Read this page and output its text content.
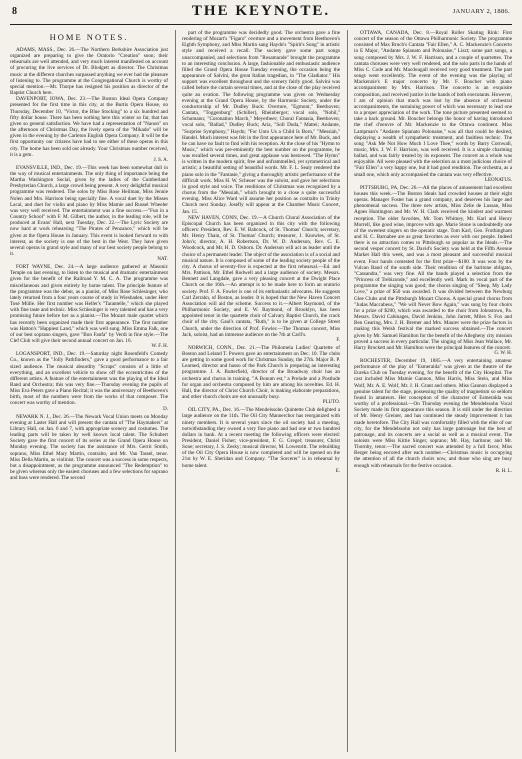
8	THE KEYNOTE.	JANUARY 2, 1886.
HOME NOTES.

ADAMS, MASS., Dec. 26.—The Northern Berkshire Association just organized are preparing to give the Oratorio "Creation" soon; their rehearsals are well attended, and very much interest manifested on account of procuring the live services of Dr. Blodgett as director. The Christmas music at the different churches surpassed anything we ever had the pleasure of listening to. The programme at the Congregational Church is worthy of special mention.—Mr. Thorpe has resigned his position as director of the Baptist Church here.

DAVENPORT, IOWA, Dec. 23.—The Boston Ideal Opera Company presented for the first time in this city, at the Burtis Opera House, on Thursday, December 10, "Victor, the Blue Stocking" to a six hundred and fifty dollar house. There has been nothing here this winter so far, that has given so general satisfaction. We have had a representation of "Nanon" on the afternoon of Christmas Day, the lively opera of the "Mikado" will be given in the evening by the Carleton English Opera Company. It will be the first opportunity our citizens have had to see either of these operas in this city. The home has been sold out already. Your Christmas number received, it is a gem.

J. S. A.

EVANSVILLE, IND., Dec. 19.—This week has been somewhat dull in the way of musical entertainments. The only thing of importance being the Martha Washington Social, given by the ladies of the Cumberland Presbyterian Church, a large crowd being present. A very delightful musical programme was rendered. The solos by Miss Rose Heilman, Miss Jennie Nolen and Mrs. Harrison being specially fine. A vocal duet by the Misses Lacal, and duet for violin and piano by Miss Mamie and Russel Wheeler was very well received. The entertainment was a fine success.—"Fun in a Country School" with F. M. Gilbert, the author, in the leading role, will be produced at Evans' Hall, next Tuesday, Dec. 22.—The Lyric Society are now hard at work rehearsing "The Pirates of Penzance," which will be given at the Opera House in January. This event is looked forward to with interest, as the society is one of the best in the West. They have given several operas in grand style and many of our best society people belong to it.

NAT.

FORT WAYNE, Dec. 24.—A large audience gathered at Masonic Temple on last evening, to listen to the musical and dramatic entertainment given for the benefit of the Railroad Y. M. C. A. The programme was miscellaneous and given entirely by home talent. The principle feature of the programme was the debut, as a pianist, of Miss Rose Schlesinger, who lately returned from a four years course of study in Wiesbaden, under Herr Tosé Mülle. Her first number was Heller's "Tarantelle," which she played with fine taste and technic. Miss Schlesinger is very talented and has a very promising future before her as a pianist.—The Mozart male quartet which has recently been organized made their first appearance. The first number was Hatton's "Happiest Land," which was well sung. Miss Emma Falk, one of our best soprano singers, gave "Bon Fanfa" by Verdi in fine style.—The Clef Club will give their second annual concert on Jan. 16.

W. F. H.

LOGANSPORT, IND., Dec. 19.—Saturday night Rosenfeld's Comedy Co., known as the "Jolly Pathfinders," gave a good performance to a fair sized audience. The musical absurdity "Scraps" consists of a little of everything, and an excellent vehicle to show off the eccentricities of the different artists. A feature of the entertainment was the playing of the Ideal Band and Orchestra; this was very fine.—Thursday evening the pupils of Miss Eva Peters gave a Piano Recital; it was the anniversary of Beethoven's birth, most of the numbers were from the works of that composer. The concert was worthy of mention.

D.

NEWARK N. J., Dec. 26.—The Newark Vocal Union meets on Monday evening at Laster Hall and will present the cantata of "The Haymakers" at Library Hall, on Jan. 6 and 7, with appropriate scenery and costumes. The leading parts will be taken by well known local talent. The Schubert Society gave the first concert of its series at the Grand Opera House on Monday evening. The society has the assistance of Mrs. Gerrit Smith, soprano, Miss Ethel Mary Martin, contralto, and Mr. Van Tassel, tenor. Miss Della Martin, as violinist. The concert was a success in some respects, but a disappointment, as the programme announced "The Redemption" to be given whereas only the easiest choruses and a few selections for soprano and bass were rendered. The second

part of the programme was decidedly good. The orchestra gave a fine rendering of Mozart's "Figaro" overture and a movement from Beethoven's Eighth Symphony, and Miss Martin sang Haydn's "Spirit's Song" in artistic style and received a recall. The society gave some part songs unaccompanied, and selections from "Rosamunde" brought the programme to an interesting conclusion. A large, fashionable and enthusiastic audience filled the Grand Opera House Tuesday evening, the occasion being the appearance of Salvini, the great Italian tragedian, in "The Gladiator." His support was excellent throughout and the scenery fairly good. Salvini was called before the curtain several times, and at the close of the play received quite an ovation. The following programme was given on Wednesday evening at the Grand Opera House, by the Harmonic Society, under the conductorship of Mr. Dudley Buck: Overture, "Egmont," Beethoven; Cantata, "Toggenburg" (Schiller), Rheinberger; vocal solo, "Nobil," Schumann; "Coronation March," Meyerbeer; Choral Fantasia, Beethoven; vocal solo, "Ballad," Dudley Buck; Aria, "Soll Duda," Mattei; Andante, "Surprise Symphony," Haydn; "For Unto Us a Child Is Born," "Messiah," Handel. Much interest was felt in the first appearance here of Mr. Buck, and he can have no fault to find with his reception. At the close of his "Hymn to Music," which was pre-eminently the best number on the programme, he was recalled several times, and great applause was bestowed. "The Hymn" is written in the modern spirit, free and unframmelled, yet symmetrical and artistic; a beautiful setting of beautiful words. Mr. F. L. Sealy rendered the piano solo in the "Fantasie," giving a thoroughly artistic performance of the difficult work. Miss H. W. Scheuer was the soloist, and gave her selections in good style and voice. The renditions of Christmas was recognized by a chorus from the "Messiah," which brought to a close a quite successful evening. Miss Alice Ward will assume her position as contralto in Trinity Church next Sunday. Josefly will appear at the Chamber Music Concert, Jan. 15.

NEW HAVEN, CONN, Dec. 19.—A Church Choral Association of the Episcopal Church has been organized in this city with the following officers: President, Rev. E. W. Babcock, of St. Thomas' Church; secretary, Mr. Henry Thain, of St. Thomas' Church; treasurer, J. Knowles, of St. John's; director, A. H. Robertson, Dr. W. D. Anderson, Rev. C. E. Woodcock, and Mr. H. D. Osborn. Dr. Anderson will act as leader until the choice of a permanent leader. The object of the association is of a social and musical nature. It is composed of some of the leading society people of the city. A chorus of seventy-five is expected at the first rehearsal.—Ed. and Mrs. Pattison, Mr. Ethel Rodwell and a large audience of society. Messrs. Bennett and Langdale, gave a very pleasing concert at the Dwight Place Church on the 16th.—An attempt is to be made here to form an oratorio society. Prof. F. A. Fowler is one of its enthusiastic advocates. He suggests Carl Zerrahn, of Boston, as leader. It is hoped that the New Haven Concert Association will aid the scheme. Success to it.—Albert Raymond, of the Philharmonic Society, and E. W. Raymond, of Brooklyn, has been appointed tenor in the quartette choir of Calvary Baptist Church, the crack choir of the city. Gaul's cantata, "Ruth," is to be given at College Street Church, under the direction of Prof. Fowler.—The Thomas concert, Miss Jack, soloist, had an immense audience on the 7th at Carll's.

F.

NORWICH, CONN., Dec. 21.—The Philomela Ladies' Quartette of Boston and Leland T. Powers gave an entertainment on Dec. 10. The clubs are getting in some good work for Christmas Sunday, the 27th. Major B. P. Learned, director and basso of the Park Church is preparing an interesting programme. J. A. Butterfield, director of the Broadway choir has an orchestra and chorus in training. "A Bonum est," a Prelude and a Postlude for organ and orchestra composed by him are among his novelties. Ed. H. Hall, the director of Christ Church Choir, is making elaborate preparations, and other church choirs are not unusually busy.

PLUTO.

OIL CITY, PA., Dec. 16.—The Mendelssohn Quintette Club delighted a large audience on the 11th. The Oil City Mannerchor has reorganized with ninety members. It is several years since the oil society had a meeting, notwithstanding they owned a very fine piano and had one or two hundred dollars in bank. At a recent meeting the following officers were elected: President, Daniel Fisher; vice-president, F. G. Gregel; treasurer, Christ Sone; secretary, J. S. Zesky; musical director, M. Lowenritt. The rebuilding of the Oil City Opera House is now completed and will be opened on the 21st by W. E. Sheridan and Company. "The Sorcerer" is in rehearsal by home talent.

E.

OTTAWA, CANADA, Dec. 8.—Royal Roller Skating Rink: First concert of the season of the Ottawa Philharmonic Society. The programme consisted of Max Bruch's Cantata "Fair Ellen," A. C. Mackenzie's Concerto in E Major, "Andante Spianato and Polonaise," Liszt; some part songs, a song composed by Mrs. J. W. F. Harrison, and a couple of quartettes. The cantata choruses were very well rendered, and the solo parts in the hands of Miss C. Code and Mr. Macdougall received very good treatment. The part songs went excellently. The event of the evening was the playing of Mackenzie's E major concerto by Mr. F. Boucher with piano accompaniment by Mrs. Harrison. The concerto is an exquisite composition, and received justice in the hands of both executants. However, I am of opinion that much was lost by the absence of orchestral accompaniments, the sustaining power of which was necessary to lead one to a proper appreciation of the work. The tone picture presented seemed to take a back ground. Mr. Boucher belongs the honor of having introduced the chef d'oeuvre of Mr. Mackenzie to the Ottawa continent. Miss Lampman's "Andante Spianato Polonaise," was all that could be desired, displaying a wealth of sympathetic treatment, and faultless technic. The song "Ask Me Not How Much I Love Thee," words by Barry Cornwall, music, Mrs. J. W. F. Harrison, was well received. It is a simple charming ballad, and was fairly treated by its exponent. The concert as a whole was enjoyable. All were pleased with the selection as a most judicious choice of "Fair Ellen" a very happy one, but it had good rendition. The orchestra, as a small one, which only accompanied the cantata was very effective.

LEONATUS.

PITTSBURG, PA, Dec. 26.—All the places of amusement had excellent houses this week.—The Boston Ideals had crowded houses at their eight operas. Manager Foster has a grand company, and deserves his large and phenomenal success. The three new artists, Miss Zelie de Lussan, Miss Agnes Huntington and Mr. W. H. Clark received the kindest and warmest reception. The older favorites, Mr. Tom Whitney, Mr. Karl and Henry Morrell, like good wine, improve with age. Marie Stone is undoubtedly one of the sweetest singers on the operatic stage. Tom Karl, Geo. Frothingham and H. C. Barnabee are as great favorites as ever with our people. Indeed there is no attraction comes to Pittsburgh so popular as the Ideals.—The second vesper concert by St. David's Society was held at the Fifth Avenue Market Hall this week, and was a most pleasant and successful musical event. Four bands contested for the first prize—$100. It was won by the Vulcan Band of the south side. Their rendition of the baritone obligato, "Cassandra," was very fine. All the bands played a selection from the "Princess of Trebizonde," and excellently well. Mark its vocal part of the programme the singing was good; the chorus singing of "Sleep, My Lady Love," a prize of $50 was awarded. It was divided between the Newburg Glee Clubs and the Pittsburgh Mozart Chorus. A special grand chorus from "Judas Maccabeus," "We will Never Bow Again," was sung by four choirs for a prize of $200, which was awarded to the choir from Johnstown, Pa. Messrs. David Cabinages, David Jenkins, John Jarrett, Miles S. Fox and Ben Gearing, Mrs. J. H. Bremer and Mrs. Maurer were the prize factors in making this Welsh festival the marked success obtained.—The concert given by Mr. Samuel Hamilton for the benefit of the Allegheny city mission proved a success in every particular. The singing of Miss Jean Wallace, Mr. Harry Brockett and Mr. Hamilton were the principal features of the concert.

G. W. H.

ROCHESTER, December 19, 1885.—A very entertaining amateur performance of the play of "Esmeralda" was given at the theatre of the Eureka Club on Tuesday evening, for the benefit of the City Hospital. The cast included Miss Mamie Gannon, Miss Harris, Miss Stein, and Miss Wolf, Mr. A. E. Wolf, Mr. J. H. Grant and others. Miss Gannon displayed a genuine talent for the stage, possessing the quality of magnetism so seldom found in amateurs. Her conception of the character of Esmeralda was worthy of a professional.—On Thursday evening the Mendelssohn Vocal Society made its first appearance this season. It is still under the direction of Mr. Henry Greiner, and has continued the steady improvement it has made heretofore. The City Hall was comfortably filled with the elite of our city, for the Mendelssohn not only has large patronage but the best of patronage, and its concerts are a social as well as a musical event. The soloists were Miss Kittie Singer, soprano; Mr. Hay, baritone; and Mr. Thornby, tenor.—The sacred concert was attended by a full favor, Miss Berger being encored after each number.—Christmas music is occupying the attention of all the church choirs now, and those who sing are busy enough with rehearsals for the festive occasion.

R. H. L.
